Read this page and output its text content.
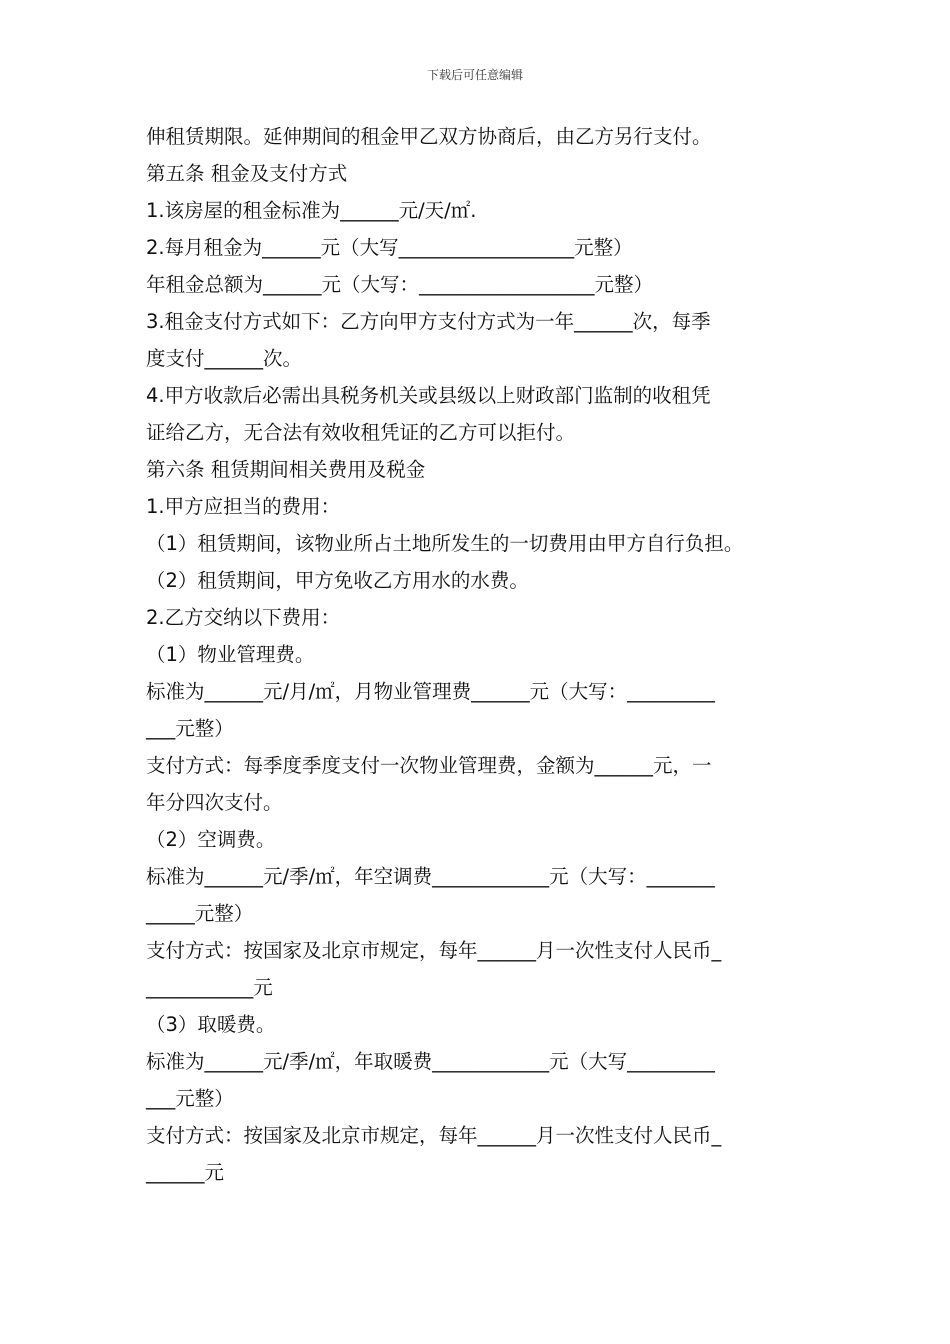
下载后可任意编辑
伸租赁期限。延伸期间的租金甲乙双方协商后，由乙方另行支付。
第五条 租金及支付方式
1.该房屋的租金标准为______元/天/㎡.
2.每月租金为______元（大写__________________元整）
年租金总额为______元（大写：__________________元整）
3.租金支付方式如下：乙方向甲方支付方式为一年______次，每季
度支付______次。
4.甲方收款后必需出具税务机关或县级以上财政部门监制的收租凭
证给乙方，无合法有效收租凭证的乙方可以拒付。
第六条 租赁期间相关费用及税金
1.甲方应担当的费用：
（1）租赁期间，该物业所占土地所发生的一切费用由甲方自行负担。
（2）租赁期间，甲方免收乙方用水的水费。
2.乙方交纳以下费用：
（1）物业管理费。
标准为______元/月/㎡，月物业管理费______元（大写：_________
___元整）
支付方式：每季度季度支付一次物业管理费，金额为______元，一
年分四次支付。
（2）空调费。
标准为______元/季/㎡，年空调费____________元（大写：_______
_____元整）
支付方式：按国家及北京市规定，每年______月一次性支付人民币_
___________元
（3）取暖费。
标准为______元/季/㎡，年取暖费____________元（大写_________
___元整）
支付方式：按国家及北京市规定，每年______月一次性支付人民币_
______元
